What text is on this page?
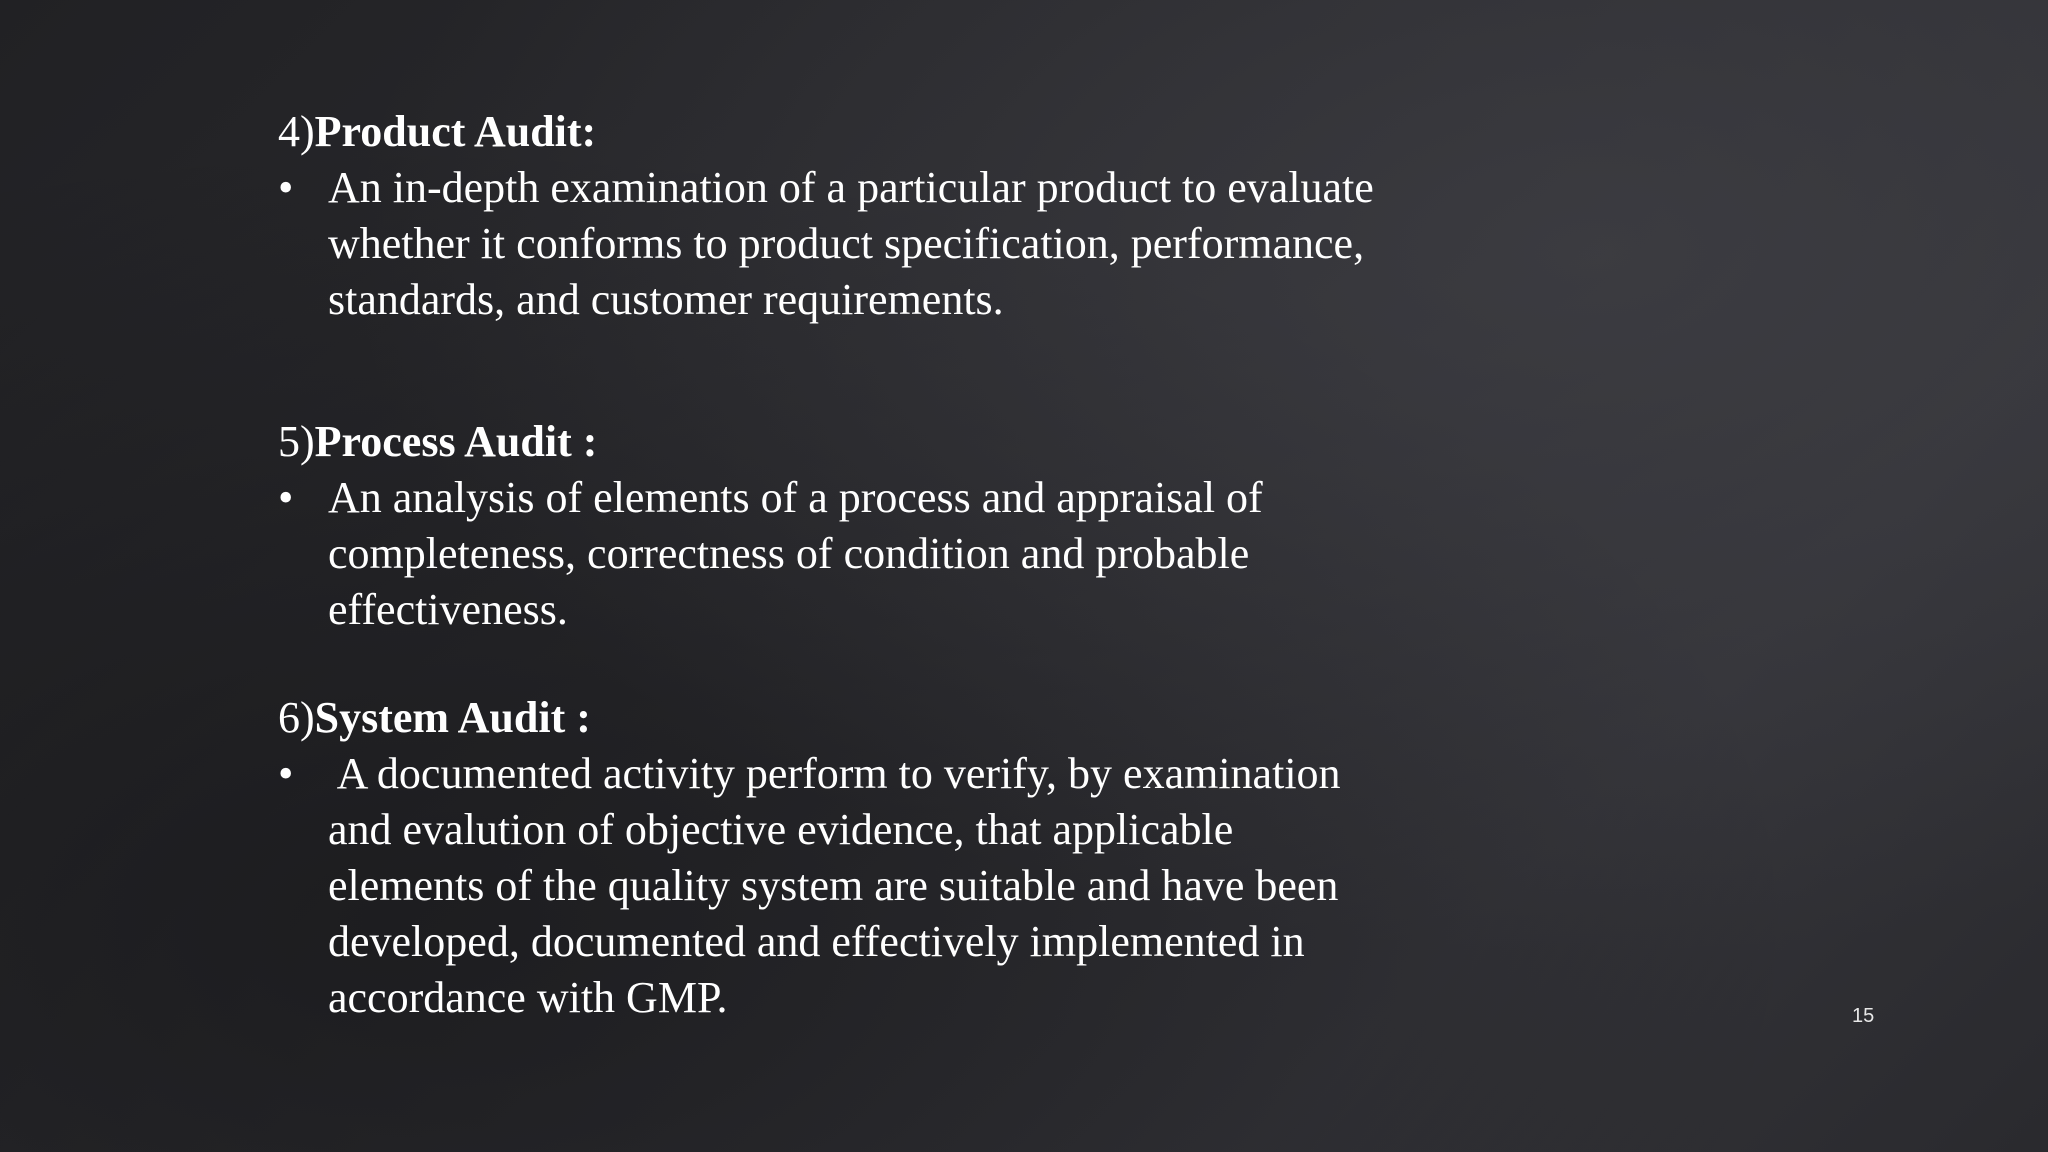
4)Product Audit:

• An in-depth examination of a particular product to evaluate
whether it conforms to product specification, performance,
standards, and customer requirements.

5)Process Audit :

• An analysis of elements of a process and appraisal of
completeness, correctness of condition and probable
effectiveness.

6)System Audit :

• A documented activity perform to verify, by examination
and evalution of objective evidence, that applicable
elements of the quality system are suitable and have been
developed, documented and effectively implemented in
accordance with GMP.	15
